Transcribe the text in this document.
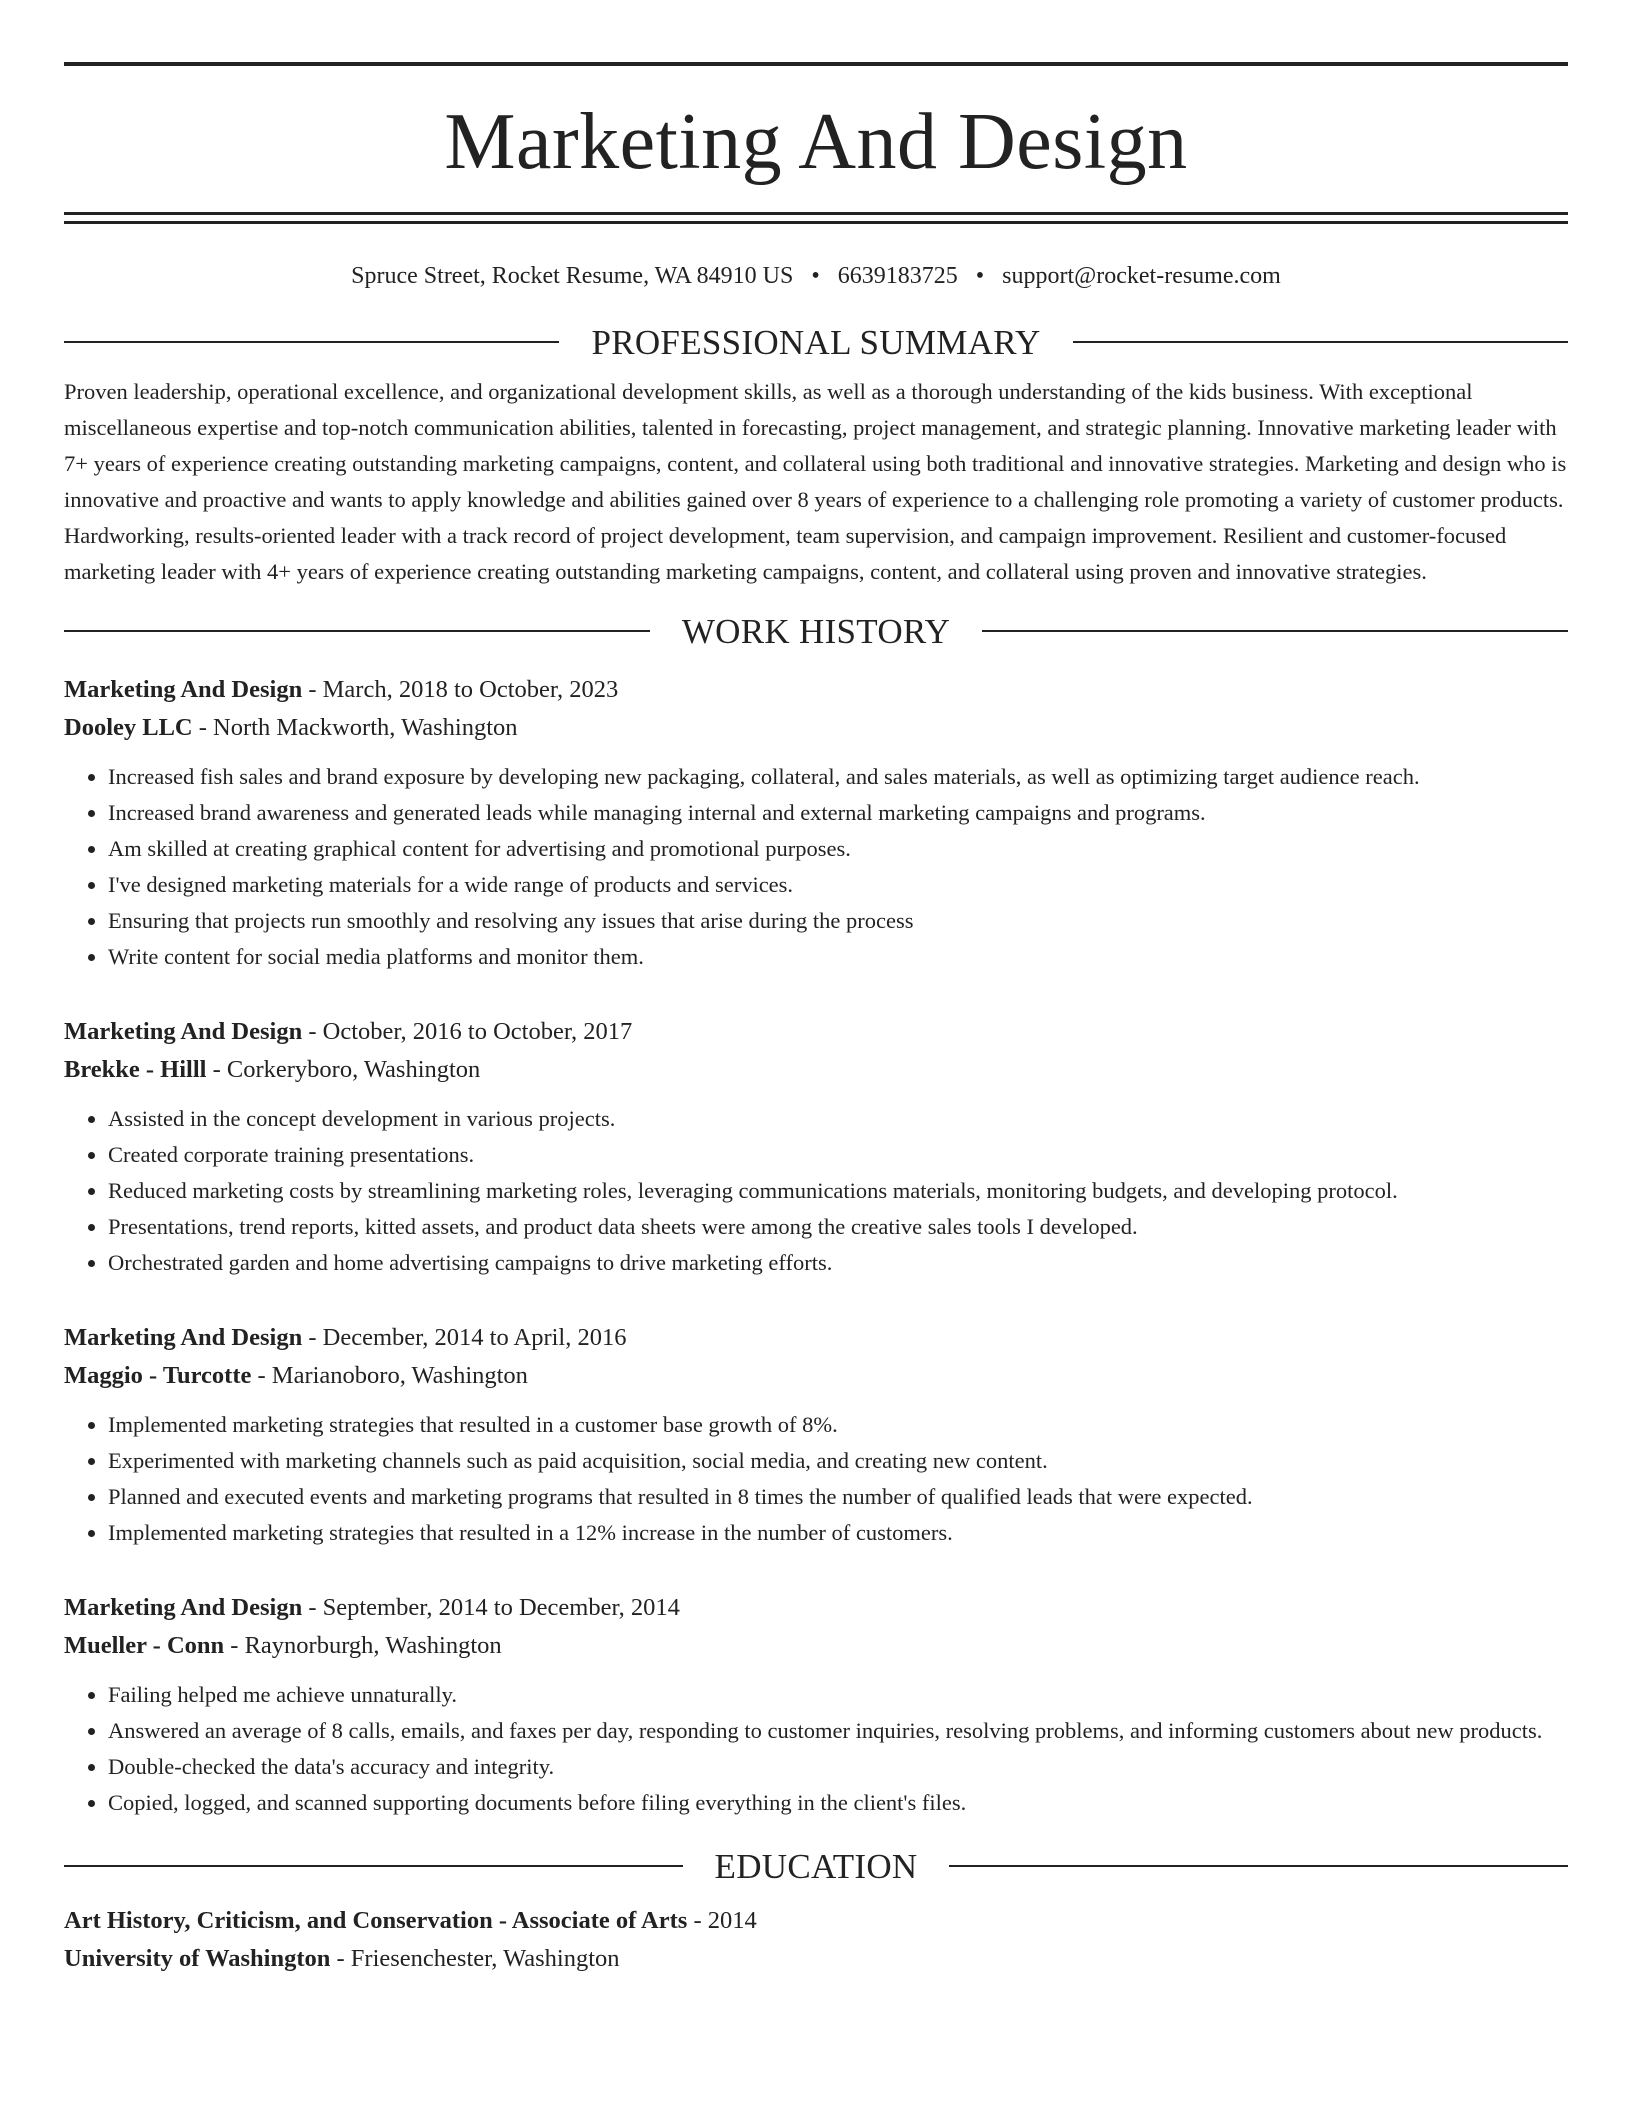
Marketing And Design
Spruce Street, Rocket Resume, WA 84910 US • 6639183725 • support@rocket-resume.com
PROFESSIONAL SUMMARY

Proven leadership, operational excellence, and organizational development skills, as well as a thorough understanding of the kids business. With exceptional miscellaneous expertise and top-notch communication abilities, talented in forecasting, project management, and strategic planning. Innovative marketing leader with 7+ years of experience creating outstanding marketing campaigns, content, and collateral using both traditional and innovative strategies. Marketing and design who is innovative and proactive and wants to apply knowledge and abilities gained over 8 years of experience to a challenging role promoting a variety of customer products. Hardworking, results-oriented leader with a track record of project development, team supervision, and campaign improvement. Resilient and customer-focused marketing leader with 4+ years of experience creating outstanding marketing campaigns, content, and collateral using proven and innovative strategies.

WORK HISTORY
Marketing And Design - March, 2018 to October, 2023
Dooley LLC - North Mackworth, Washington
• Increased fish sales and brand exposure by developing new packaging, collateral, and sales materials, as well as optimizing target audience reach.
• Increased brand awareness and generated leads while managing internal and external marketing campaigns and programs.
• Am skilled at creating graphical content for advertising and promotional purposes.
• I've designed marketing materials for a wide range of products and services.
• Ensuring that projects run smoothly and resolving any issues that arise during the process
• Write content for social media platforms and monitor them.
Marketing And Design - October, 2016 to October, 2017
Brekke - Hilll - Corkeryboro, Washington
• Assisted in the concept development in various projects.
• Created corporate training presentations.
• Reduced marketing costs by streamlining marketing roles, leveraging communications materials, monitoring budgets, and developing protocol.
• Presentations, trend reports, kitted assets, and product data sheets were among the creative sales tools I developed.
• Orchestrated garden and home advertising campaigns to drive marketing efforts.
Marketing And Design - December, 2014 to April, 2016
Maggio - Turcotte - Marianoboro, Washington
• Implemented marketing strategies that resulted in a customer base growth of 8%.
• Experimented with marketing channels such as paid acquisition, social media, and creating new content.
• Planned and executed events and marketing programs that resulted in 8 times the number of qualified leads that were expected.
• Implemented marketing strategies that resulted in a 12% increase in the number of customers.
Marketing And Design - September, 2014 to December, 2014
Mueller - Conn - Raynorburgh, Washington
• Failing helped me achieve unnaturally.
• Answered an average of 8 calls, emails, and faxes per day, responding to customer inquiries, resolving problems, and informing customers about new products.
• Double-checked the data's accuracy and integrity.
• Copied, logged, and scanned supporting documents before filing everything in the client's files.
EDUCATION
Art History, Criticism, and Conservation - Associate of Arts - 2014
University of Washington - Friesenchester, Washington
